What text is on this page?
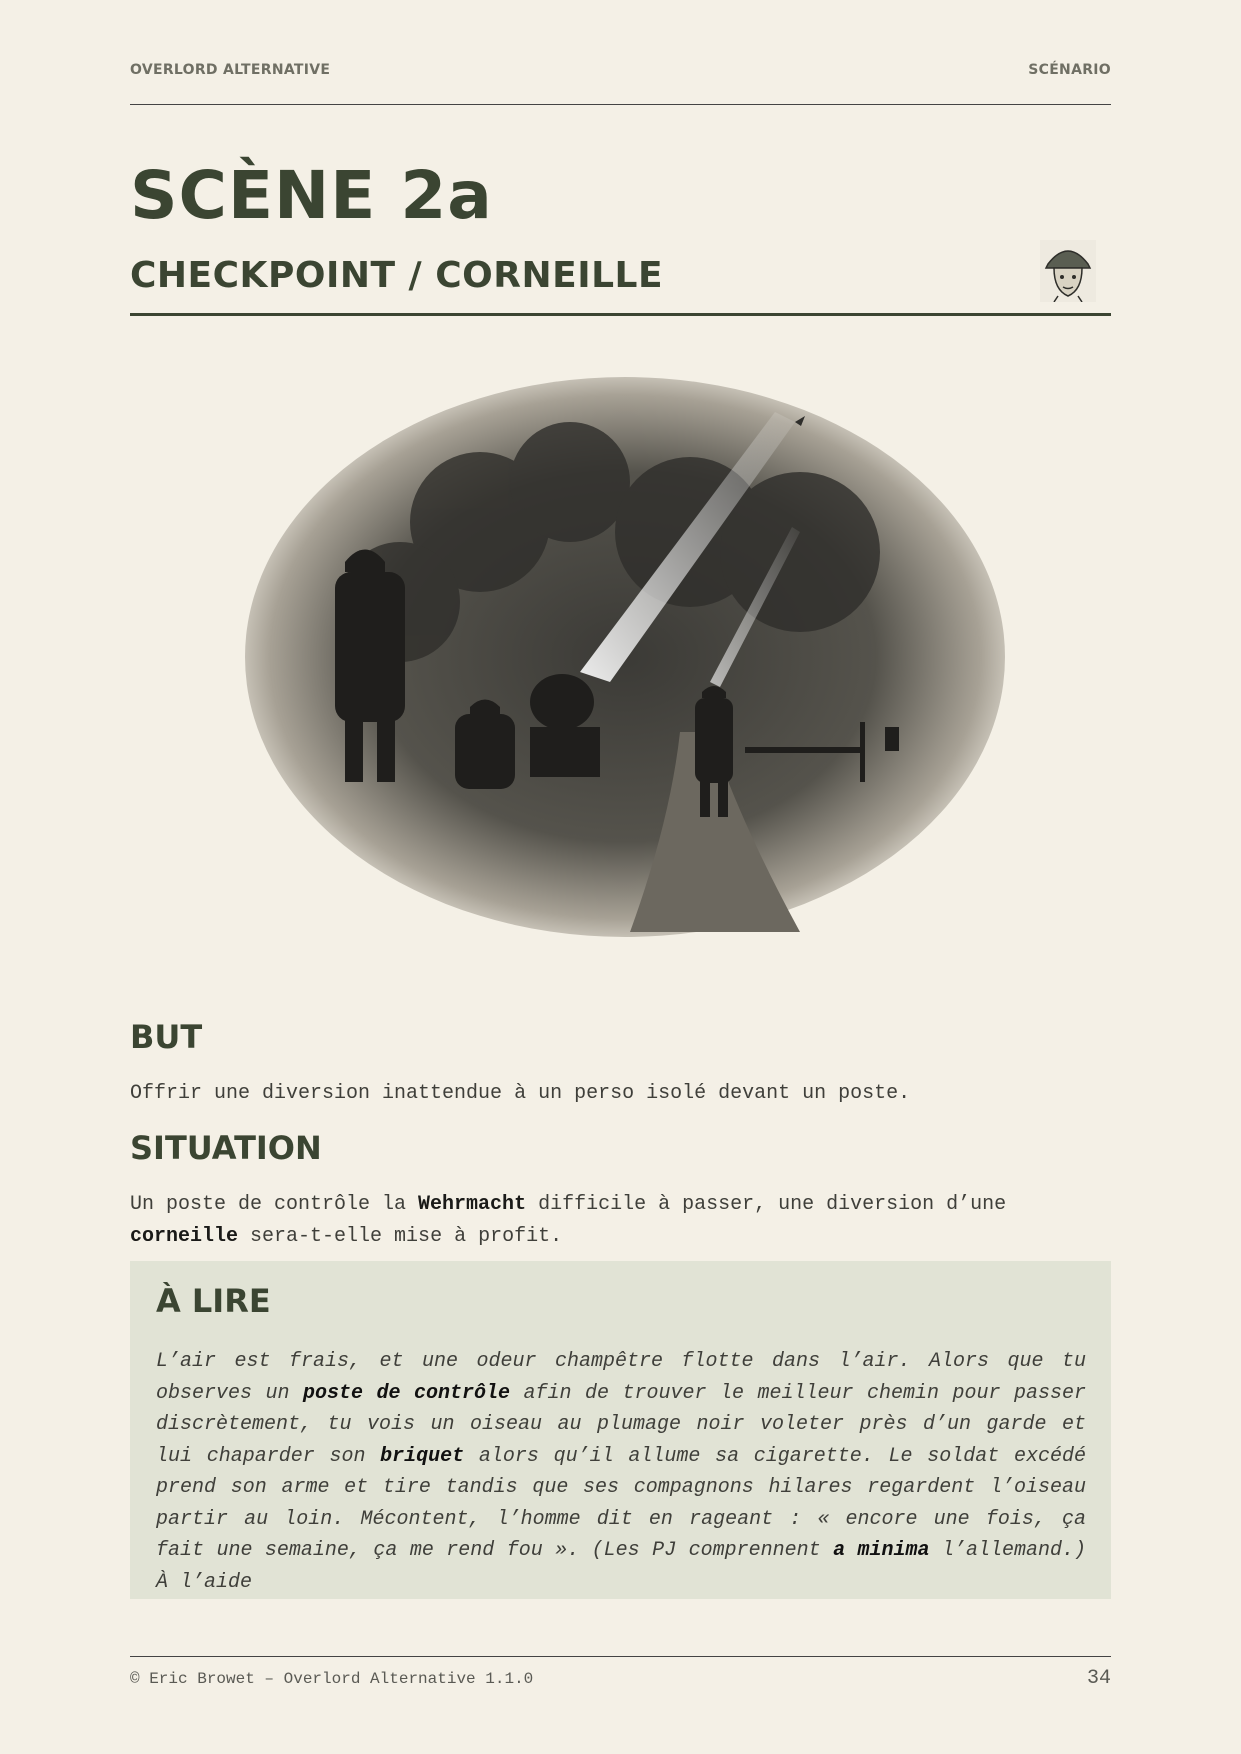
OVERLORD ALTERNATIVE	SCÉNARIO
SCÈNE 2a
CHECKPOINT / CORNEILLE
BUT

Offrir une diversion inattendue à un perso isolé devant un poste.

SITUATION

Un poste de contrôle la Wehrmacht difficile à passer, une diversion d’une corneille sera-t-elle mise à profit.

À LIRE

L’air est frais, et une odeur champêtre flotte dans l’air. Alors que tu observes un poste de contrôle afin de trouver le meilleur chemin pour passer discrètement, tu vois un oiseau au plumage noir voleter près d’un garde et lui chaparder son briquet alors qu’il allume sa cigarette. Le soldat excédé prend son arme et tire tandis que ses compagnons hilares regardent l’oiseau partir au loin. Mécontent, l’homme dit en rageant : « encore une fois, ça fait une semaine, ça me rend fou ». (Les PJ comprennent a minima l’allemand.) À l’aide

© Eric Browet – Overlord Alternative 1.1.0	34
